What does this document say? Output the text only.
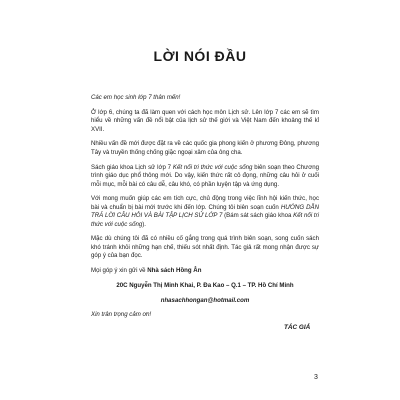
LỜI NÓI ĐẦU

Các em học sinh lớp 7 thân mến!

Ở lớp 6, chúng ta đã làm quen với cách học môn Lịch sử. Lên lớp 7 các em sẽ tìm hiểu về những vấn đề nổi bật của lịch sử thế giới và Việt Nam đến khoảng thế kỉ XVII.

Nhiều vấn đề mới được đặt ra về các quốc gia phong kiến ở phương Đông, phương Tây và truyền thống chống giặc ngoại xâm của ông cha.

Sách giáo khoa Lịch sử lớp 7 Kết nối tri thức với cuộc sống biên soạn theo Chương trình giáo dục phổ thông mới. Do vậy, kiến thức rất cô đọng, những câu hỏi ở cuối mỗi mục, mỗi bài có câu dễ, câu khó, có phần luyện tập và ứng dụng.

Với mong muốn giúp các em tích cực, chủ động trong việc lĩnh hội kiến thức, học bài và chuẩn bị bài mới trước khi đến lớp. Chúng tôi biên soạn cuốn HƯỚNG DẪN TRẢ LỜI CÂU HỎI VÀ BÀI TẬP LỊCH SỬ LỚP 7 (Bám sát sách giáo khoa Kết nối tri thức với cuộc sống).

Mặc dù chúng tôi đã có nhiều cố gắng trong quá trình biên soạn, song cuốn sách khó tránh khỏi những hạn chế, thiếu sót nhất định. Tác giả rất mong nhận được sự góp ý của bạn đọc.

Mọi góp ý xin gửi về Nhà sách Hồng Ân

20C Nguyễn Thị Minh Khai, P. Đa Kao – Q.1 – TP. Hồ Chí Minh

nhasachhongan@hotmail.com

Xin trân trọng cảm ơn!

TÁC GIẢ
3
